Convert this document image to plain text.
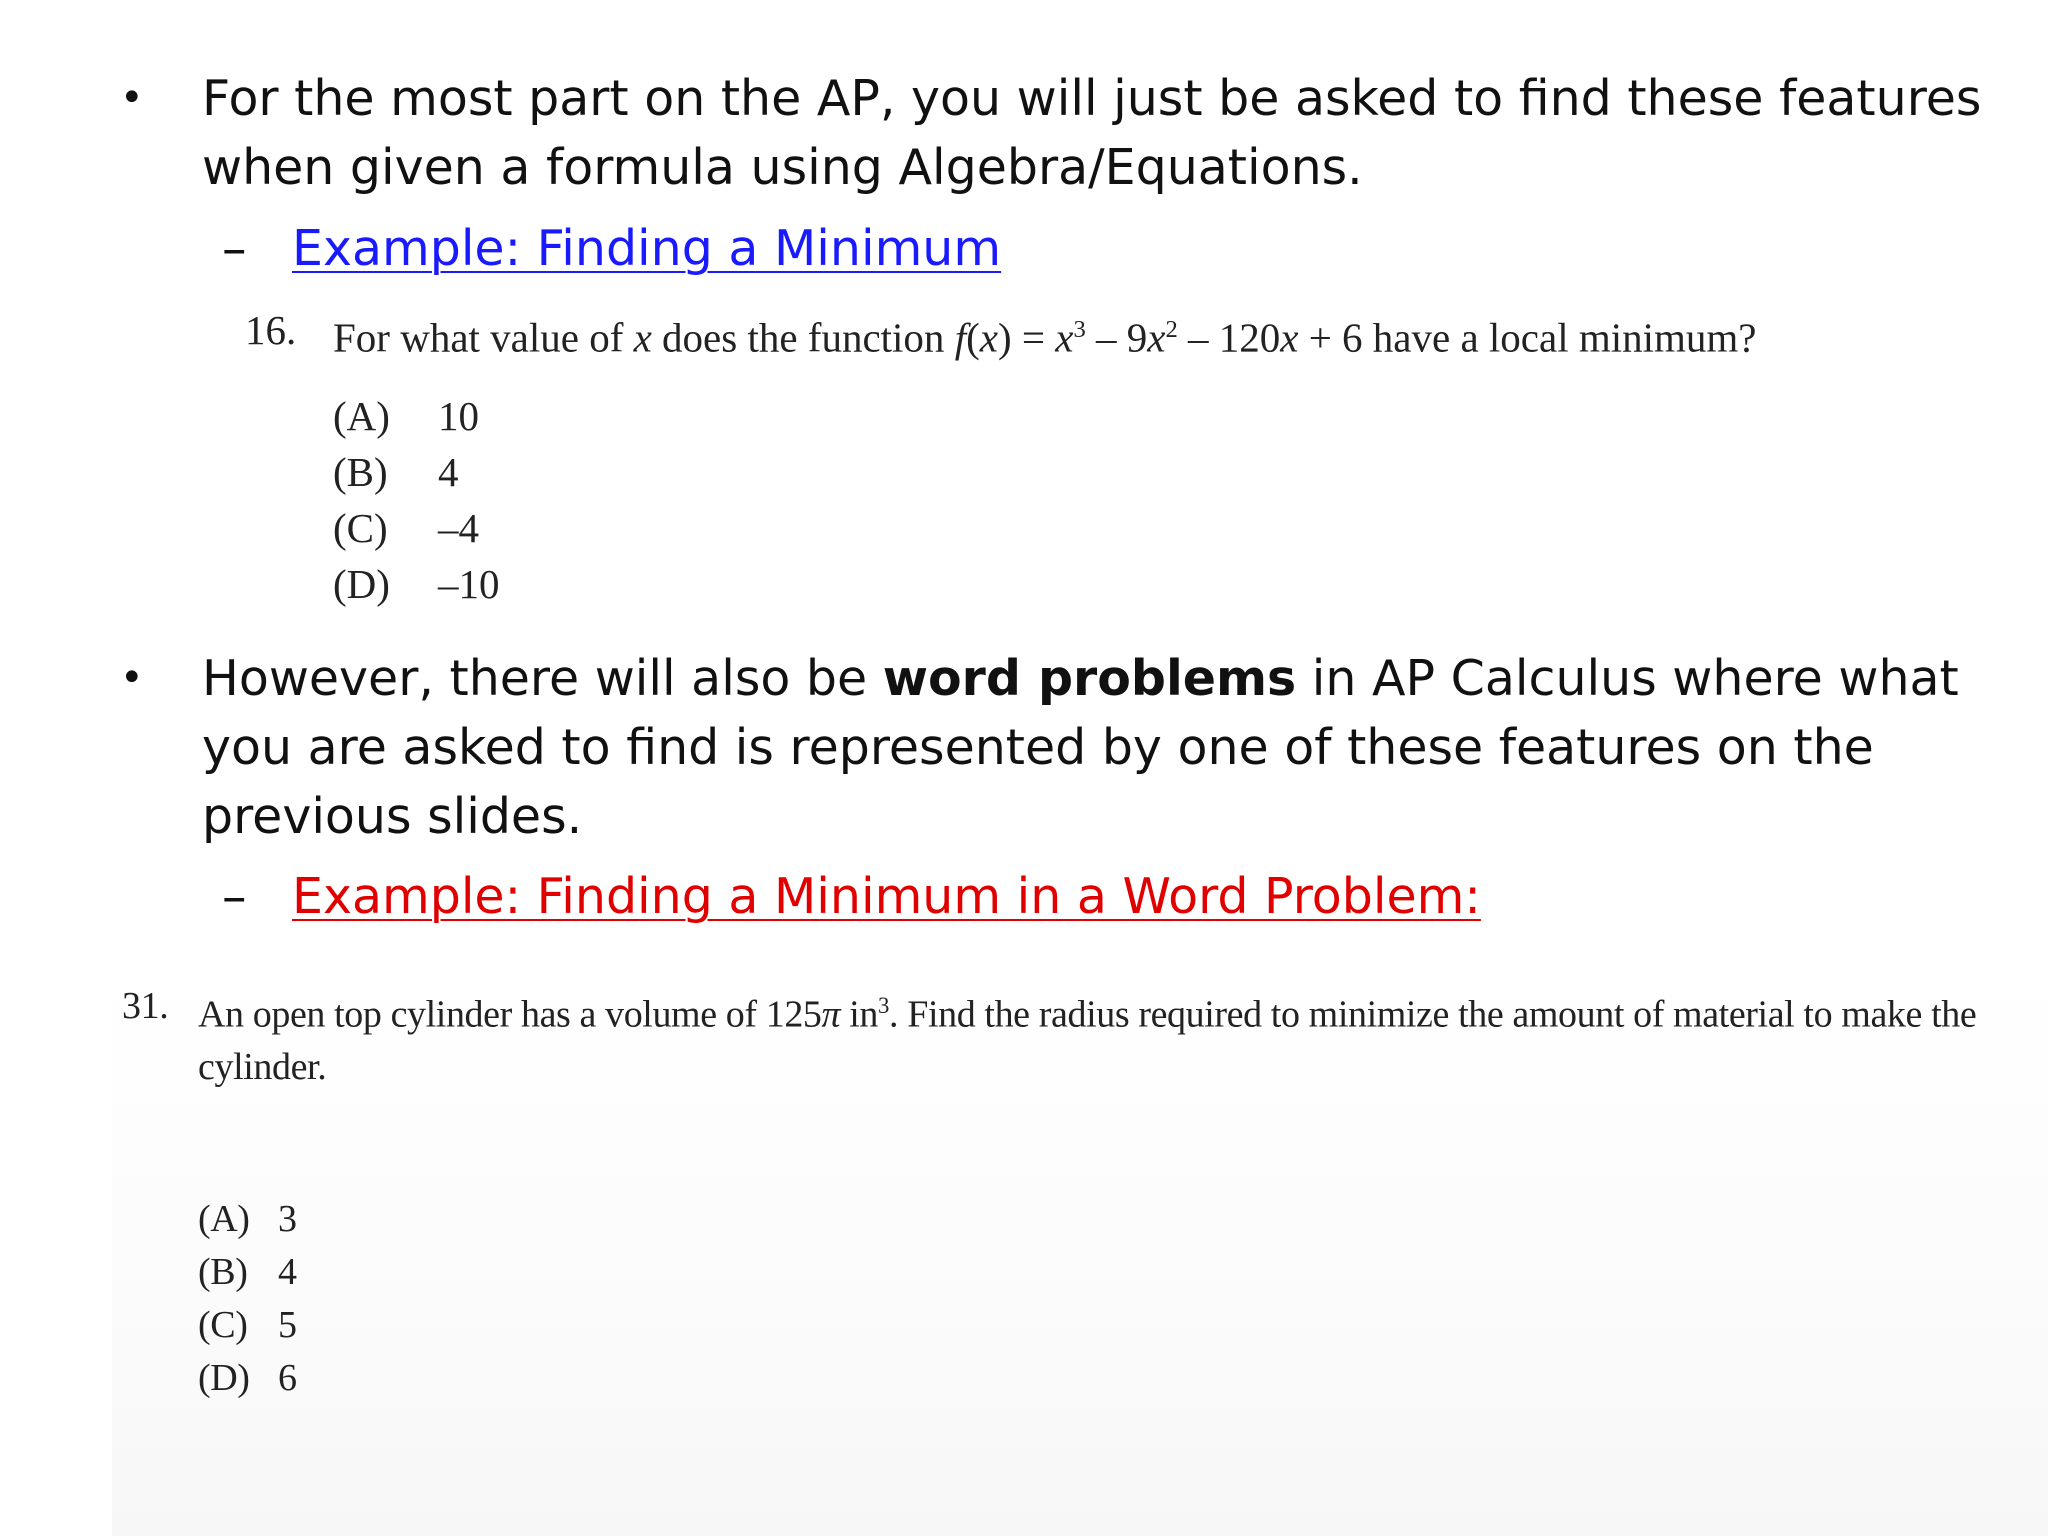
•	For the most part on the AP, you will just be asked to find these features when given a formula using Algebra/Equations.
– Example: Finding a Minimum
16. For what value of x does the function $f(x) = x^3 - 9x^2 - 120x + 6$ have a local minimum?
(A)	10
(B)	4
(C)	–4
(D)	–10
•	However, there will also be word problems in AP Calculus where what you are asked to find is represented by one of these features on the previous slides.
– Example: Finding a Minimum in a Word Problem:
31. An open top cylinder has a volume of 125π $in^3$. Find the radius required to minimize the amount of material to make the cylinder.
(A) 3
(B) 4
(C) 5
(D) 6
